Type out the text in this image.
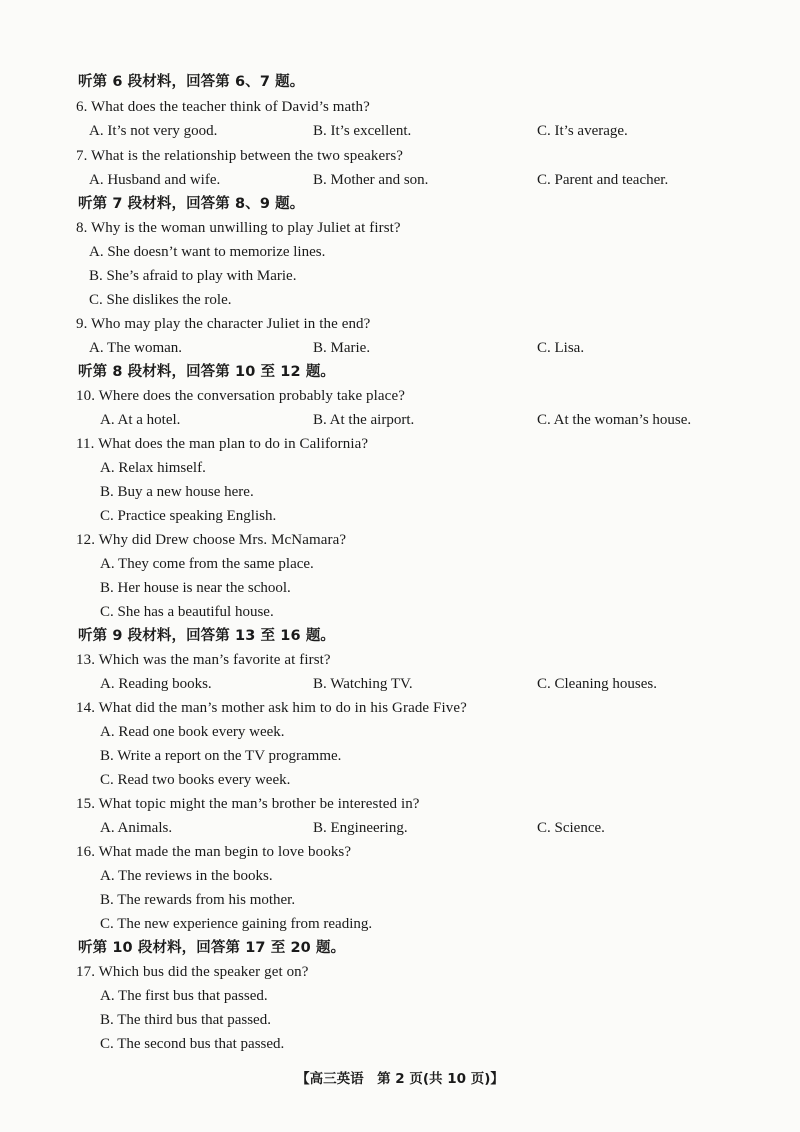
听第 6 段材料，回答第 6、7 题。
6. What does the teacher think of David’s math?
A. It’s not very good.	B. It’s excellent.	C. It’s average.
7. What is the relationship between the two speakers?
A. Husband and wife.	B. Mother and son.	C. Parent and teacher.
听第 7 段材料，回答第 8、9 题。
8. Why is the woman unwilling to play Juliet at first?
A. She doesn’t want to memorize lines.
B. She’s afraid to play with Marie.
C. She dislikes the role.
9. Who may play the character Juliet in the end?
A. The woman.	B. Marie.	C. Lisa.
听第 8 段材料，回答第 10 至 12 题。
10. Where does the conversation probably take place?
A. At a hotel.	B. At the airport.	C. At the woman’s house.
11. What does the man plan to do in California?
A. Relax himself.
B. Buy a new house here.
C. Practice speaking English.
12. Why did Drew choose Mrs. McNamara?
A. They come from the same place.
B. Her house is near the school.
C. She has a beautiful house.
听第 9 段材料，回答第 13 至 16 题。
13. Which was the man’s favorite at first?
A. Reading books.	B. Watching TV.	C. Cleaning houses.
14. What did the man’s mother ask him to do in his Grade Five?
A. Read one book every week.
B. Write a report on the TV programme.
C. Read two books every week.
15. What topic might the man’s brother be interested in?
A. Animals.	B. Engineering.	C. Science.
16. What made the man begin to love books?
A. The reviews in the books.
B. The rewards from his mother.
C. The new experience gaining from reading.
听第 10 段材料，回答第 17 至 20 题。
17. Which bus did the speaker get on?
A. The first bus that passed.
B. The third bus that passed.
C. The second bus that passed.
【高三英语　第 2 页(共 10 页)】
